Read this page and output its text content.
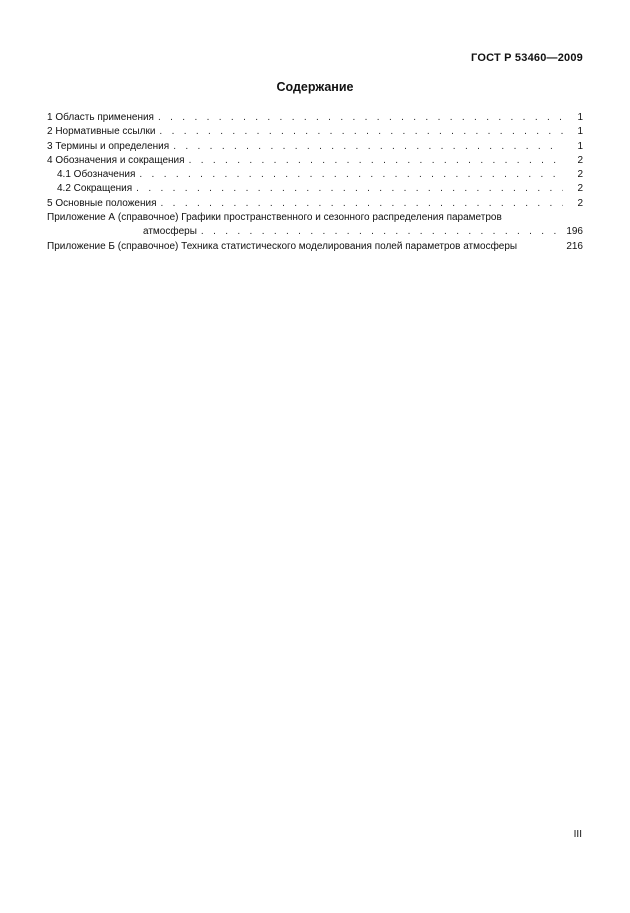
ГОСТ Р 53460—2009
Содержание
1 Область применения . . .	1
2 Нормативные ссылки . . .	1
3 Термины и определения . . .	1
4 Обозначения и сокращения . . .	2
4.1 Обозначения . . .	2
4.2 Сокращения . . .	2
5 Основные положения . . .	2
Приложение А (справочное) Графики пространственного и сезонного распределения параметров
атмосферы . . .	196
Приложение Б (справочное) Техника статистического моделирования полей параметров атмосферы	216
III
